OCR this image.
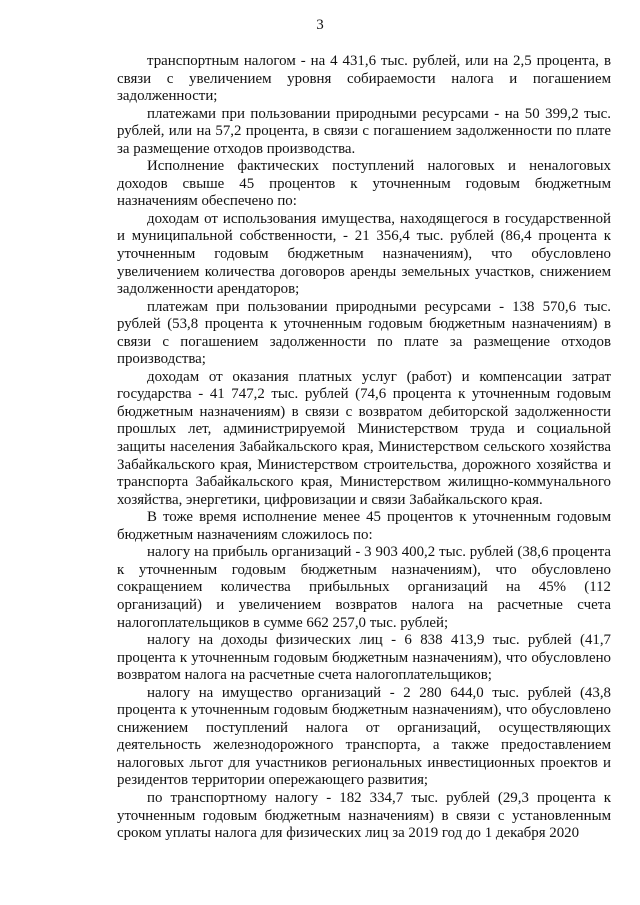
3

транспортным налогом - на 4 431,6 тыс. рублей, или на 2,5 процента, в связи с увеличением уровня собираемости налога и погашением задолженности;

платежами при пользовании природными ресурсами - на 50 399,2 тыс. рублей, или на 57,2 процента, в связи с погашением задолженности по плате за размещение отходов производства.

Исполнение фактических поступлений налоговых и неналоговых доходов свыше 45 процентов к уточненным годовым бюджетным назначениям обеспечено по:

доходам от использования имущества, находящегося в государственной и муниципальной собственности, - 21 356,4 тыс. рублей (86,4 процента к уточненным годовым бюджетным назначениям), что обусловлено увеличением количества договоров аренды земельных участков, снижением задолженности арендаторов;

платежам при пользовании природными ресурсами - 138 570,6 тыс. рублей (53,8 процента к уточненным годовым бюджетным назначениям) в связи с погашением задолженности по плате за размещение отходов производства;

доходам от оказания платных услуг (работ) и компенсации затрат государства - 41 747,2 тыс. рублей (74,6 процента к уточненным годовым бюджетным назначениям) в связи с возвратом дебиторской задолженности прошлых лет, администрируемой Министерством труда и социальной защиты населения Забайкальского края, Министерством сельского хозяйства Забайкальского края, Министерством строительства, дорожного хозяйства и транспорта Забайкальского края, Министерством жилищно-коммунального хозяйства, энергетики, цифровизации и связи Забайкальского края.

В тоже время исполнение менее 45 процентов к уточненным годовым бюджетным назначениям сложилось по:

налогу на прибыль организаций - 3 903 400,2 тыс. рублей (38,6 процента к уточненным годовым бюджетным назначениям), что обусловлено сокращением количества прибыльных организаций на 45% (112 организаций) и увеличением возвратов налога на расчетные счета налогоплательщиков в сумме 662 257,0 тыс. рублей;

налогу на доходы физических лиц - 6 838 413,9 тыс. рублей (41,7 процента к уточненным годовым бюджетным назначениям), что обусловлено возвратом налога на расчетные счета налогоплательщиков;

налогу на имущество организаций - 2 280 644,0 тыс. рублей (43,8 процента к уточненным годовым бюджетным назначениям), что обусловлено снижением поступлений налога от организаций, осуществляющих деятельность железнодорожного транспорта, а также предоставлением налоговых льгот для участников региональных инвестиционных проектов и резидентов территории опережающего развития;

по транспортному налогу - 182 334,7 тыс. рублей (29,3 процента к уточненным годовым бюджетным назначениям) в связи с установленным сроком уплаты налога для физических лиц за 2019 год до 1 декабря 2020
